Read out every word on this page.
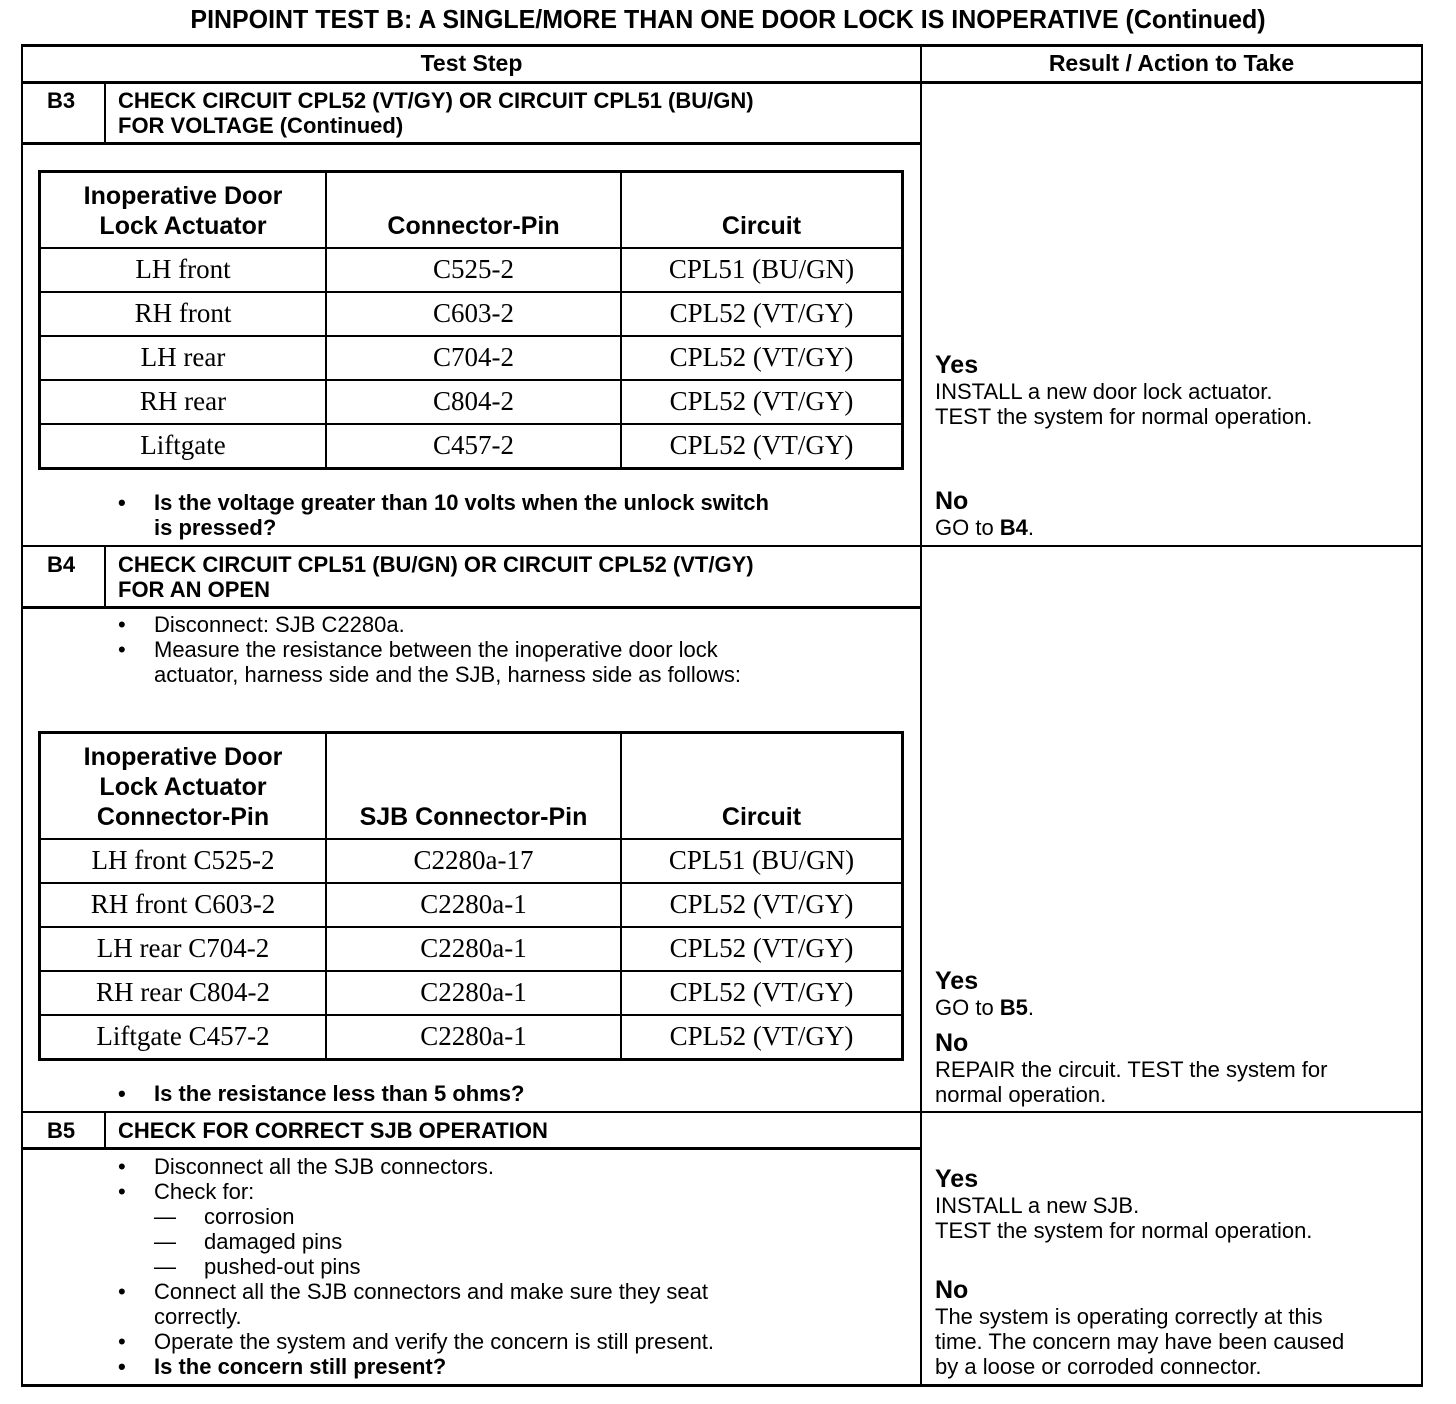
PINPOINT TEST B: A SINGLE/MORE THAN ONE DOOR LOCK IS INOPERATIVE (Continued)
Test Step	Result / Action to Take
B3 CHECK CIRCUIT CPL52 (VT/GY) OR CIRCUIT CPL51 (BU/GN)
FOR VOLTAGE (Continued)
Inoperative Door
Lock Actuator	Connector-Pin	Circuit

LH front	C525-2	CPL51 (BU/GN)
RH front	C603-2	CPL52 (VT/GY)
LH rear	C704-2	CPL52 (VT/GY)
RH rear	C804-2	CPL52 (VT/GY)
Liftgate	C457-2	CPL52 (VT/GY)
• Is the voltage greater than 10 volts when the unlock switch
is pressed?
Yes
INSTALL a new door lock actuator.
TEST the system for normal operation.
No
GO to B4.
B4 CHECK CIRCUIT CPL51 (BU/GN) OR CIRCUIT CPL52 (VT/GY)
FOR AN OPEN
• Disconnect: SJB C2280a.
• Measure the resistance between the inoperative door lock
actuator, harness side and the SJB, harness side as follows:
Inoperative Door
Lock Actuator
Connector-Pin	SJB Connector-Pin	Circuit

LH front C525-2	C2280a-17	CPL51 (BU/GN)
RH front C603-2	C2280a-1	CPL52 (VT/GY)
LH rear C704-2	C2280a-1	CPL52 (VT/GY)
RH rear C804-2	C2280a-1	CPL52 (VT/GY)
Liftgate C457-2	C2280a-1	CPL52 (VT/GY)
• Is the resistance less than 5 ohms?
Yes
GO to B5.
No
REPAIR the circuit. TEST the system for
normal operation.
B5 CHECK FOR CORRECT SJB OPERATION
• Disconnect all the SJB connectors.
• Check for:
— corrosion
— damaged pins
— pushed-out pins
• Connect all the SJB connectors and make sure they seat
correctly.
• Operate the system and verify the concern is still present.
• Is the concern still present?
Yes
INSTALL a new SJB.
TEST the system for normal operation.
No
The system is operating correctly at this
time. The concern may have been caused
by a loose or corroded connector.
